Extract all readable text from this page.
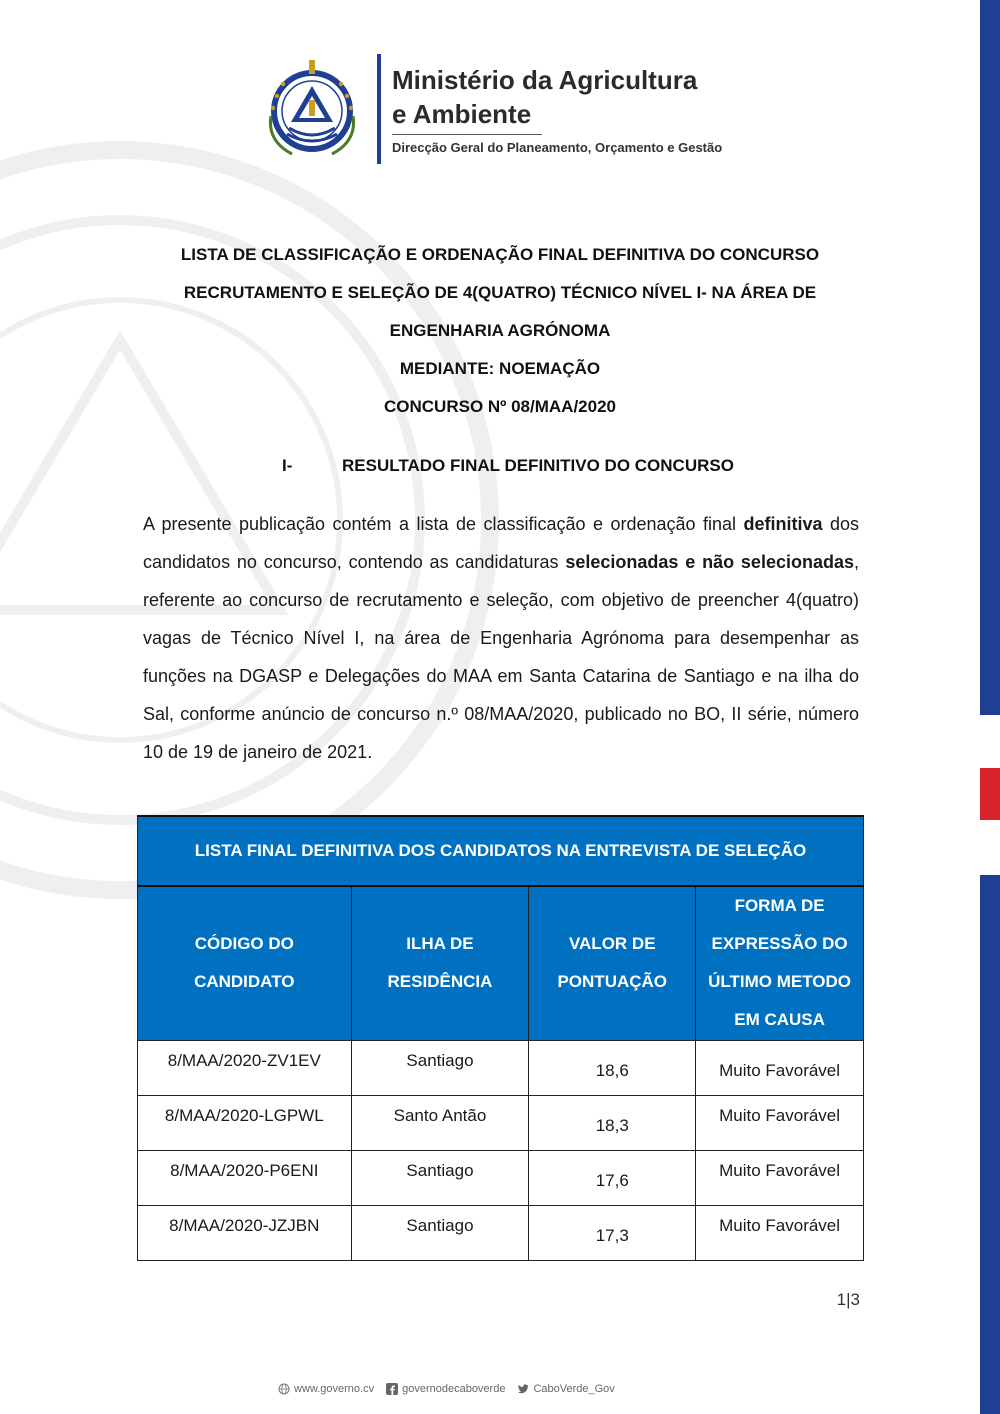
Ministério da Agricultura
e Ambiente
Direcção Geral do Planeamento, Orçamento e Gestão
LISTA DE CLASSIFICAÇÃO E ORDENAÇÃO FINAL DEFINITIVA DO CONCURSO
RECRUTAMENTO E SELEÇÃO DE 4(QUATRO) TÉCNICO NÍVEL I- NA ÁREA DE
ENGENHARIA AGRÓNOMA
MEDIANTE: NOEMAÇÃO
CONCURSO Nº 08/MAA/2020
I-	RESULTADO FINAL DEFINITIVO DO CONCURSO

A presente publicação contém a lista de classificação e ordenação final definitiva dos candidatos no concurso, contendo as candidaturas selecionadas e não selecionadas, referente ao concurso de recrutamento e seleção, com objetivo de preencher 4(quatro) vagas de Técnico Nível I, na área de Engenharia Agrónoma para desempenhar as funções na DGASP e Delegações do MAA em Santa Catarina de Santiago e na ilha do Sal, conforme anúncio de concurso n.º 08/MAA/2020, publicado no BO, II série, número 10 de 19 de janeiro de 2021.

LISTA FINAL DEFINITIVA DOS CANDIDATOS NA ENTREVISTA DE SELEÇÃO			
CÓDIGO DO CANDIDATO	ILHA DE RESIDÊNCIA	VALOR DE PONTUAÇÃO	FORMA DE EXPRESSÃO DO ÚLTIMO METODO EM CAUSA
8/MAA/2020-ZV1EV	Santiago	18,6	Muito Favorável
8/MAA/2020-LGPWL	Santo Antão	18,3	Muito Favorável
8/MAA/2020-P6ENI	Santiago	17,6	Muito Favorável
8/MAA/2020-JZJBN	Santiago	17,3	Muito Favorável
1|3
www.governo.cv	governodecaboverde	CaboVerde_Gov
